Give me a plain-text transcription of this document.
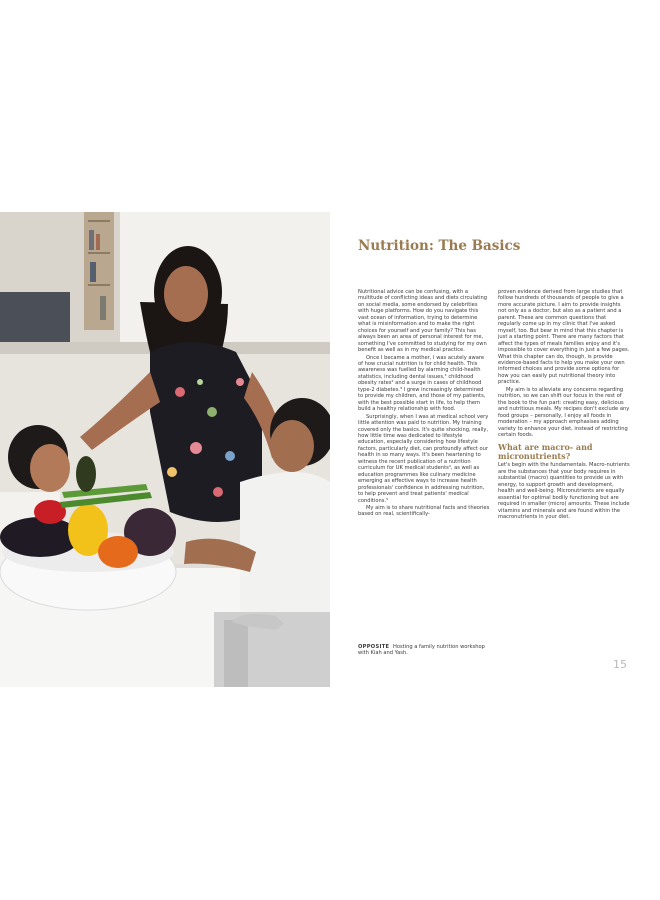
Nutrition: The Basics

Nutritional advice can be confusing, with a multitude of conflicting ideas and diets circulating on social media, some endorsed by celebrities with huge platforms. How do you navigate this vast ocean of information, trying to determine what is misinformation and to make the right choices for yourself and your family? This has always been an area of personal interest for me, something I've committed to studying for my own benefit as well as in my medical practice.

Once I became a mother, I was acutely aware of how crucial nutrition is for child health. This awareness was fuelled by alarming child-health statistics, including dental issues,¹ childhood obesity rates² and a surge in cases of childhood type-2 diabetes.³ I grew increasingly determined to provide my children, and those of my patients, with the best possible start in life, to help them build a healthy relationship with food.

Surprisingly, when I was at medical school very little attention was paid to nutrition. My training covered only the basics. It's quite shocking, really, how little time was dedicated to lifestyle education, especially considering how lifestyle factors, particularly diet, can profoundly affect our health in so many ways. It's been heartening to witness the recent publication of a nutrition curriculum for UK medical students⁴, as well as education programmes like culinary medicine emerging as effective ways to increase health professionals' confidence in addressing nutrition, to help prevent and treat patients' medical conditions.⁵

My aim is to share nutritional facts and theories based on real, scientifically-

OPPOSITE Hosting a family nutrition workshop with Kiah and Yash.

proven evidence derived from large studies that follow hundreds of thousands of people to give a more accurate picture. I aim to provide insights not only as a doctor, but also as a patient and a parent. These are common questions that regularly come up in my clinic that I've asked myself, too. But bear in mind that this chapter is just a starting point. There are many factors that affect the types of meals families enjoy and it's impossible to cover everything in just a few pages. What this chapter can do, though, is provide evidence-based facts to help you make your own informed choices and provide some options for how you can easily put nutritional theory into practice.

My aim is to alleviate any concerns regarding nutrition, so we can shift our focus in the rest of the book to the fun part: creating easy, delicious and nutritious meals. My recipes don't exclude any food groups – personally, I enjoy all foods in moderation – my approach emphasises adding variety to enhance your diet, instead of restricting certain foods.

What are macro- and micronutrients?

Let's begin with the fundamentals. Macro-nutrients are the substances that your body requires in substantial (macro) quantities to provide us with energy, to support growth and development, health and well-being. Micronutrients are equally essential for optimal bodily functioning but are required in smaller (micro) amounts. These include vitamins and minerals and are found within the macronutrients in your diet.

15
